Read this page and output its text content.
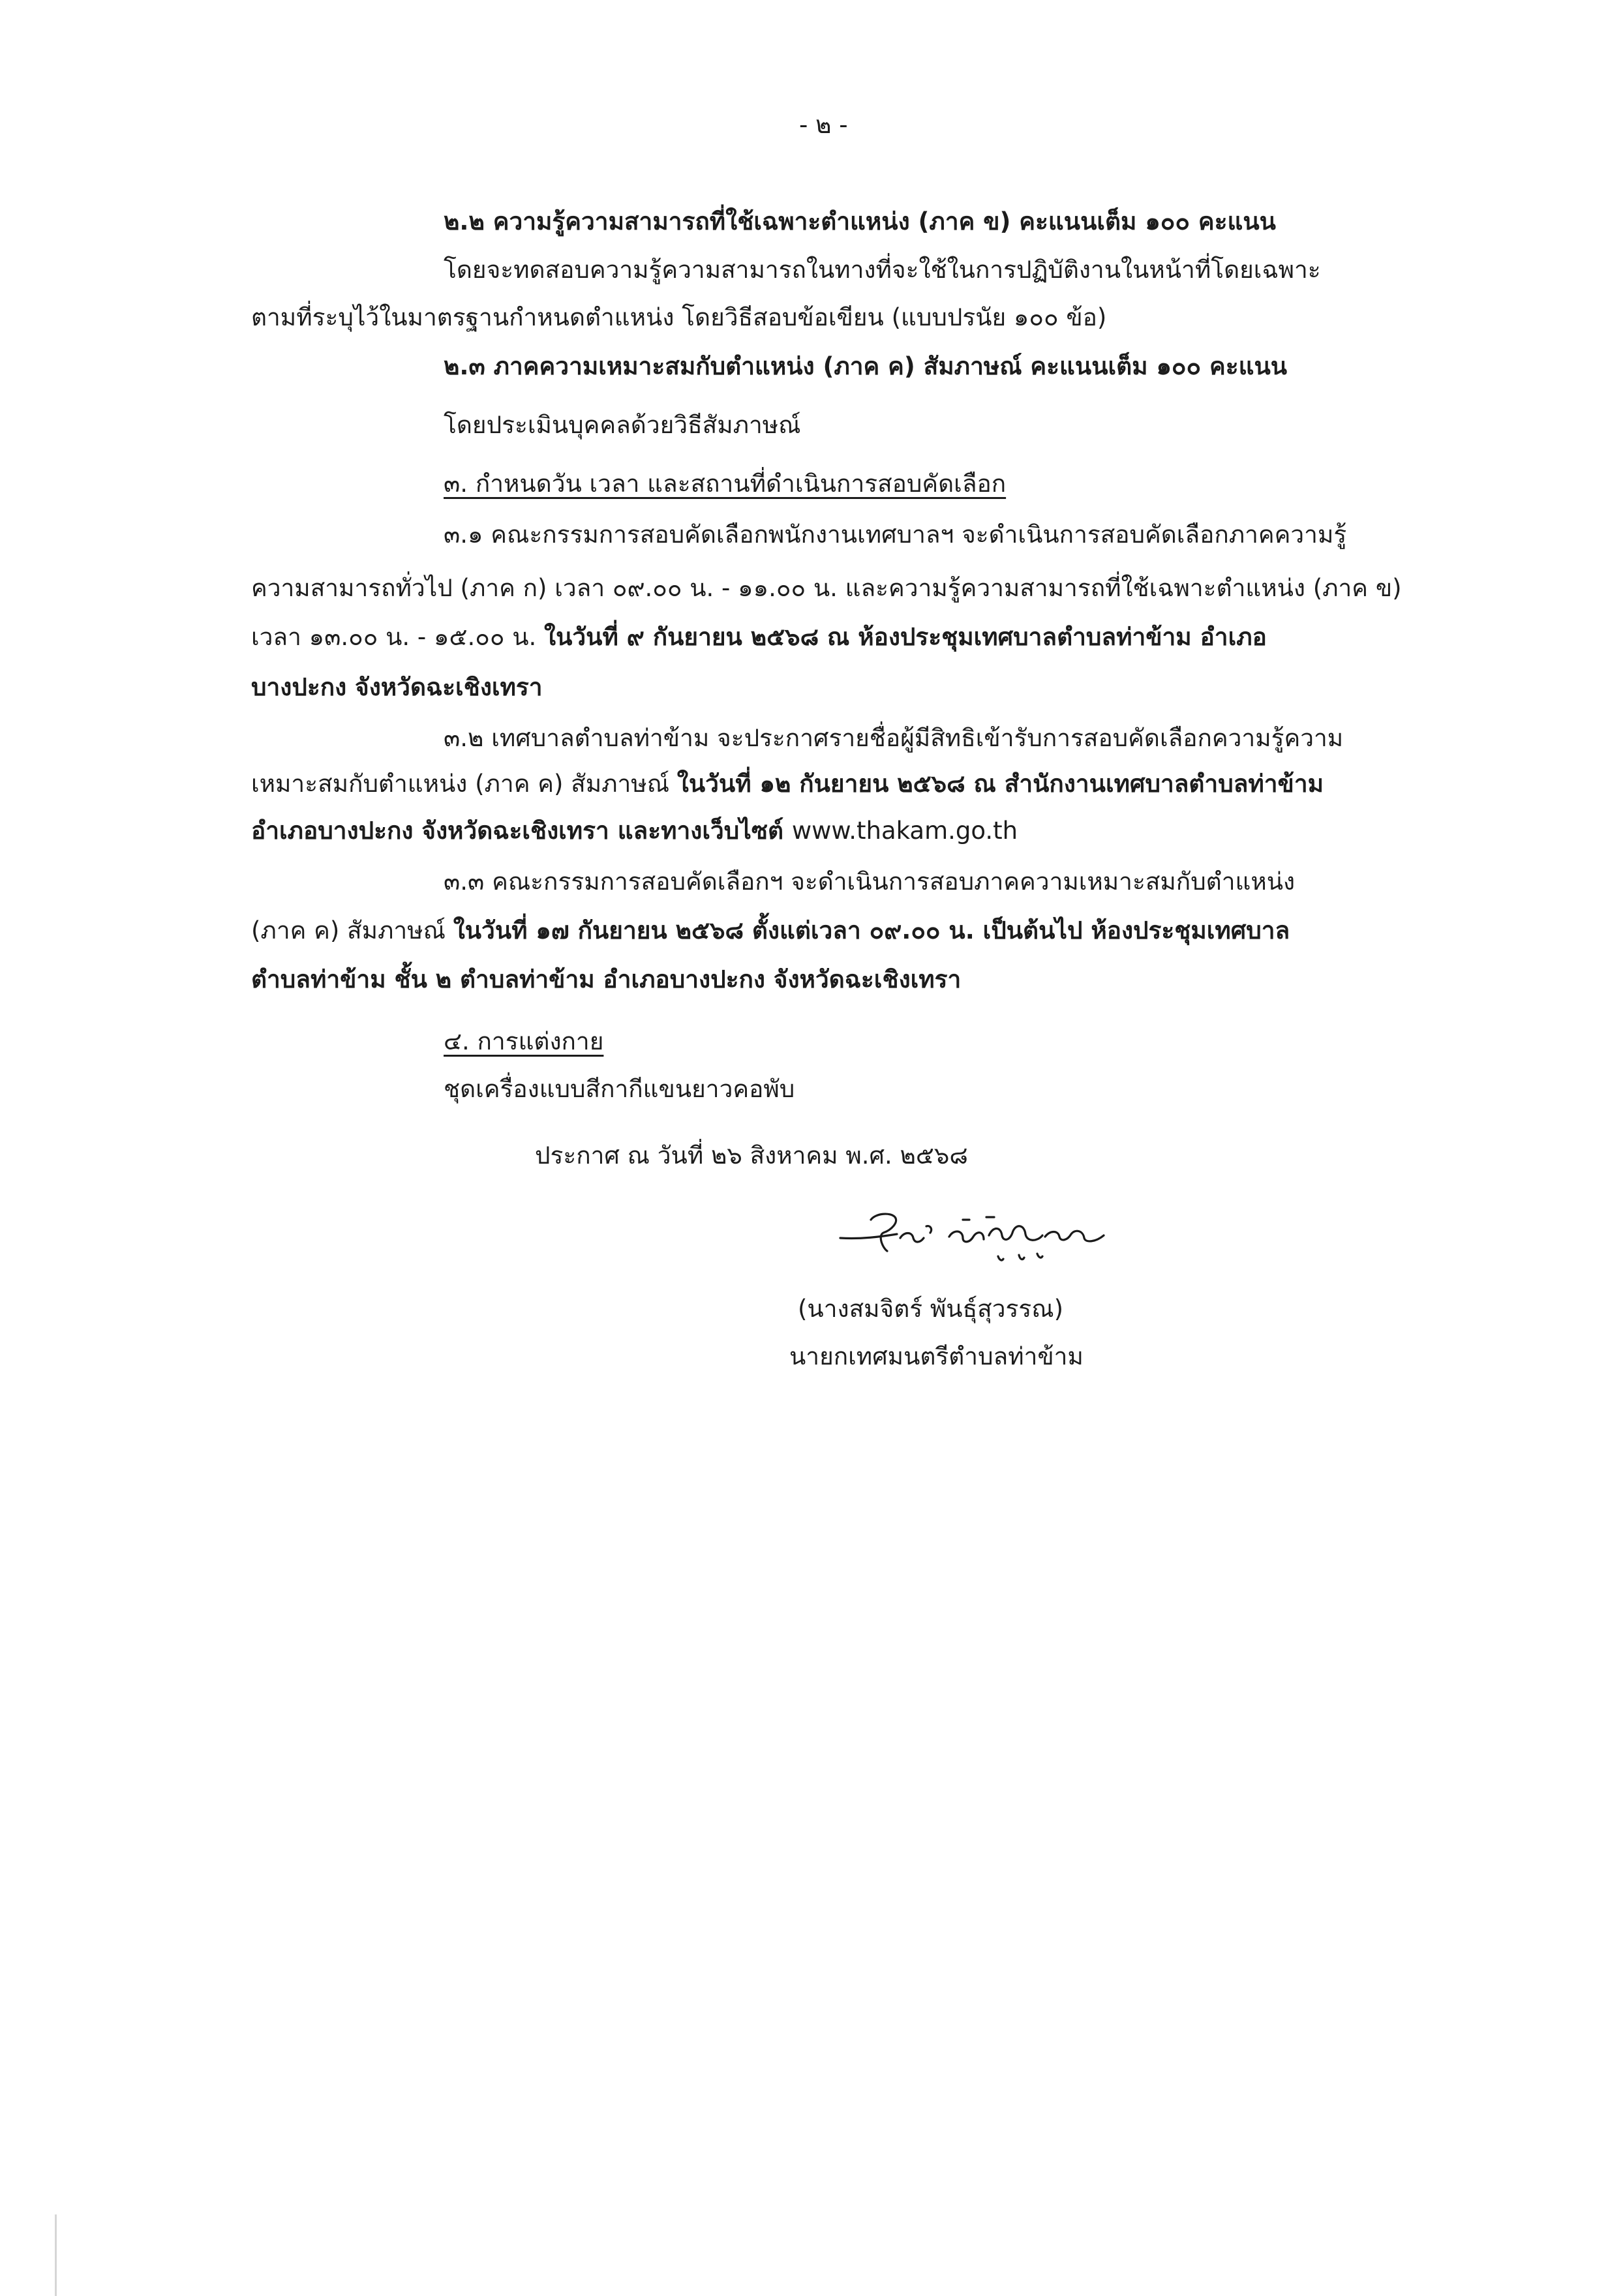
- ๒ -
๒.๒ ความรู้ความสามารถที่ใช้เฉพาะตำแหน่ง (ภาค ข) คะแนนเต็ม ๑๐๐ คะแนน
โดยจะทดสอบความรู้ความสามารถในทางที่จะใช้ในการปฏิบัติงานในหน้าที่โดยเฉพาะ
ตามที่ระบุไว้ในมาตรฐานกำหนดตำแหน่ง โดยวิธีสอบข้อเขียน (แบบปรนัย ๑๐๐ ข้อ)
๒.๓ ภาคความเหมาะสมกับตำแหน่ง (ภาค ค) สัมภาษณ์ คะแนนเต็ม ๑๐๐ คะแนน
โดยประเมินบุคคลด้วยวิธีสัมภาษณ์
๓. กำหนดวัน เวลา และสถานที่ดำเนินการสอบคัดเลือก
๓.๑ คณะกรรมการสอบคัดเลือกพนักงานเทศบาลฯ จะดำเนินการสอบคัดเลือกภาคความรู้
ความสามารถทั่วไป (ภาค ก) เวลา ๐๙.๐๐ น. - ๑๑.๐๐ น. และความรู้ความสามารถที่ใช้เฉพาะตำแหน่ง (ภาค ข)
เวลา ๑๓.๐๐ น. - ๑๕.๐๐ น. ในวันที่ ๙ กันยายน ๒๕๖๘ ณ ห้องประชุมเทศบาลตำบลท่าข้าม อำเภอ
บางปะกง จังหวัดฉะเชิงเทรา
๓.๒ เทศบาลตำบลท่าข้าม จะประกาศรายชื่อผู้มีสิทธิเข้ารับการสอบคัดเลือกความรู้ความ
เหมาะสมกับตำแหน่ง (ภาค ค) สัมภาษณ์ ในวันที่ ๑๒ กันยายน ๒๕๖๘ ณ สำนักงานเทศบาลตำบลท่าข้าม
อำเภอบางปะกง จังหวัดฉะเชิงเทรา และทางเว็บไซต์ www.thakam.go.th
๓.๓ คณะกรรมการสอบคัดเลือกฯ จะดำเนินการสอบภาคความเหมาะสมกับตำแหน่ง
(ภาค ค) สัมภาษณ์ ในวันที่ ๑๗ กันยายน ๒๕๖๘ ตั้งแต่เวลา ๐๙.๐๐ น. เป็นต้นไป ห้องประชุมเทศบาล
ตำบลท่าข้าม ชั้น ๒ ตำบลท่าข้าม อำเภอบางปะกง จังหวัดฉะเชิงเทรา
๔. การแต่งกาย
ชุดเครื่องแบบสีกากีแขนยาวคอพับ
ประกาศ ณ วันที่ ๒๖ สิงหาคม พ.ศ. ๒๕๖๘
(นางสมจิตร์ พันธุ์สุวรรณ)
นายกเทศมนตรีตำบลท่าข้าม
